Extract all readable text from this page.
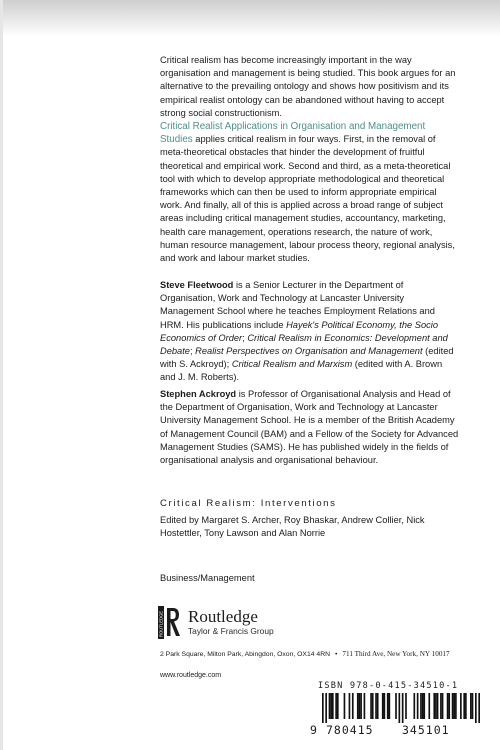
Critical realism has become increasingly important in the way organisation and management is being studied. This book argues for an alternative to the prevailing ontology and shows how positivism and its empirical realist ontology can be abandoned without having to accept strong social constructionism.

Critical Realist Applications in Organisation and Management Studies applies critical realism in four ways. First, in the removal of meta-theoretical obstacles that hinder the development of fruitful theoretical and empirical work. Second and third, as a meta-theoretical tool with which to develop appropriate methodological and theoretical frameworks which can then be used to inform appropriate empirical work. And finally, all of this is applied across a broad range of subject areas including critical management studies, accountancy, marketing, health care management, operations research, the nature of work, human resource management, labour process theory, regional analysis, and work and labour market studies.

Steve Fleetwood is a Senior Lecturer in the Department of Organisation, Work and Technology at Lancaster University Management School where he teaches Employment Relations and HRM. His publications include Hayek's Political Economy, the Socio Economics of Order; Critical Realism in Economics: Development and Debate; Realist Perspectives on Organisation and Management (edited with S. Ackroyd); Critical Realism and Marxism (edited with A. Brown and J. M. Roberts).

Stephen Ackroyd is Professor of Organisational Analysis and Head of the Department of Organisation, Work and Technology at Lancaster University Management School. He is a member of the British Academy of Management Council (BAM) and a Fellow of the Society for Advanced Management Studies (SAMS). He has published widely in the fields of organisational analysis and organisational behaviour.

Critical Realism: Interventions

Edited by Margaret S. Archer, Roy Bhaskar, Andrew Collier, Nick Hostettler, Tony Lawson and Alan Norrie

Business/Management

ROUTLEDGE Routledge
Taylor & Francis Group
2 Park Square, Milton Park, Abingdon, Oxon, OX14 4RN • 711 Third Ave, New York, NY 10017
www.routledge.com
ISBN 978-0-415-34510-1
9 780415 345101
